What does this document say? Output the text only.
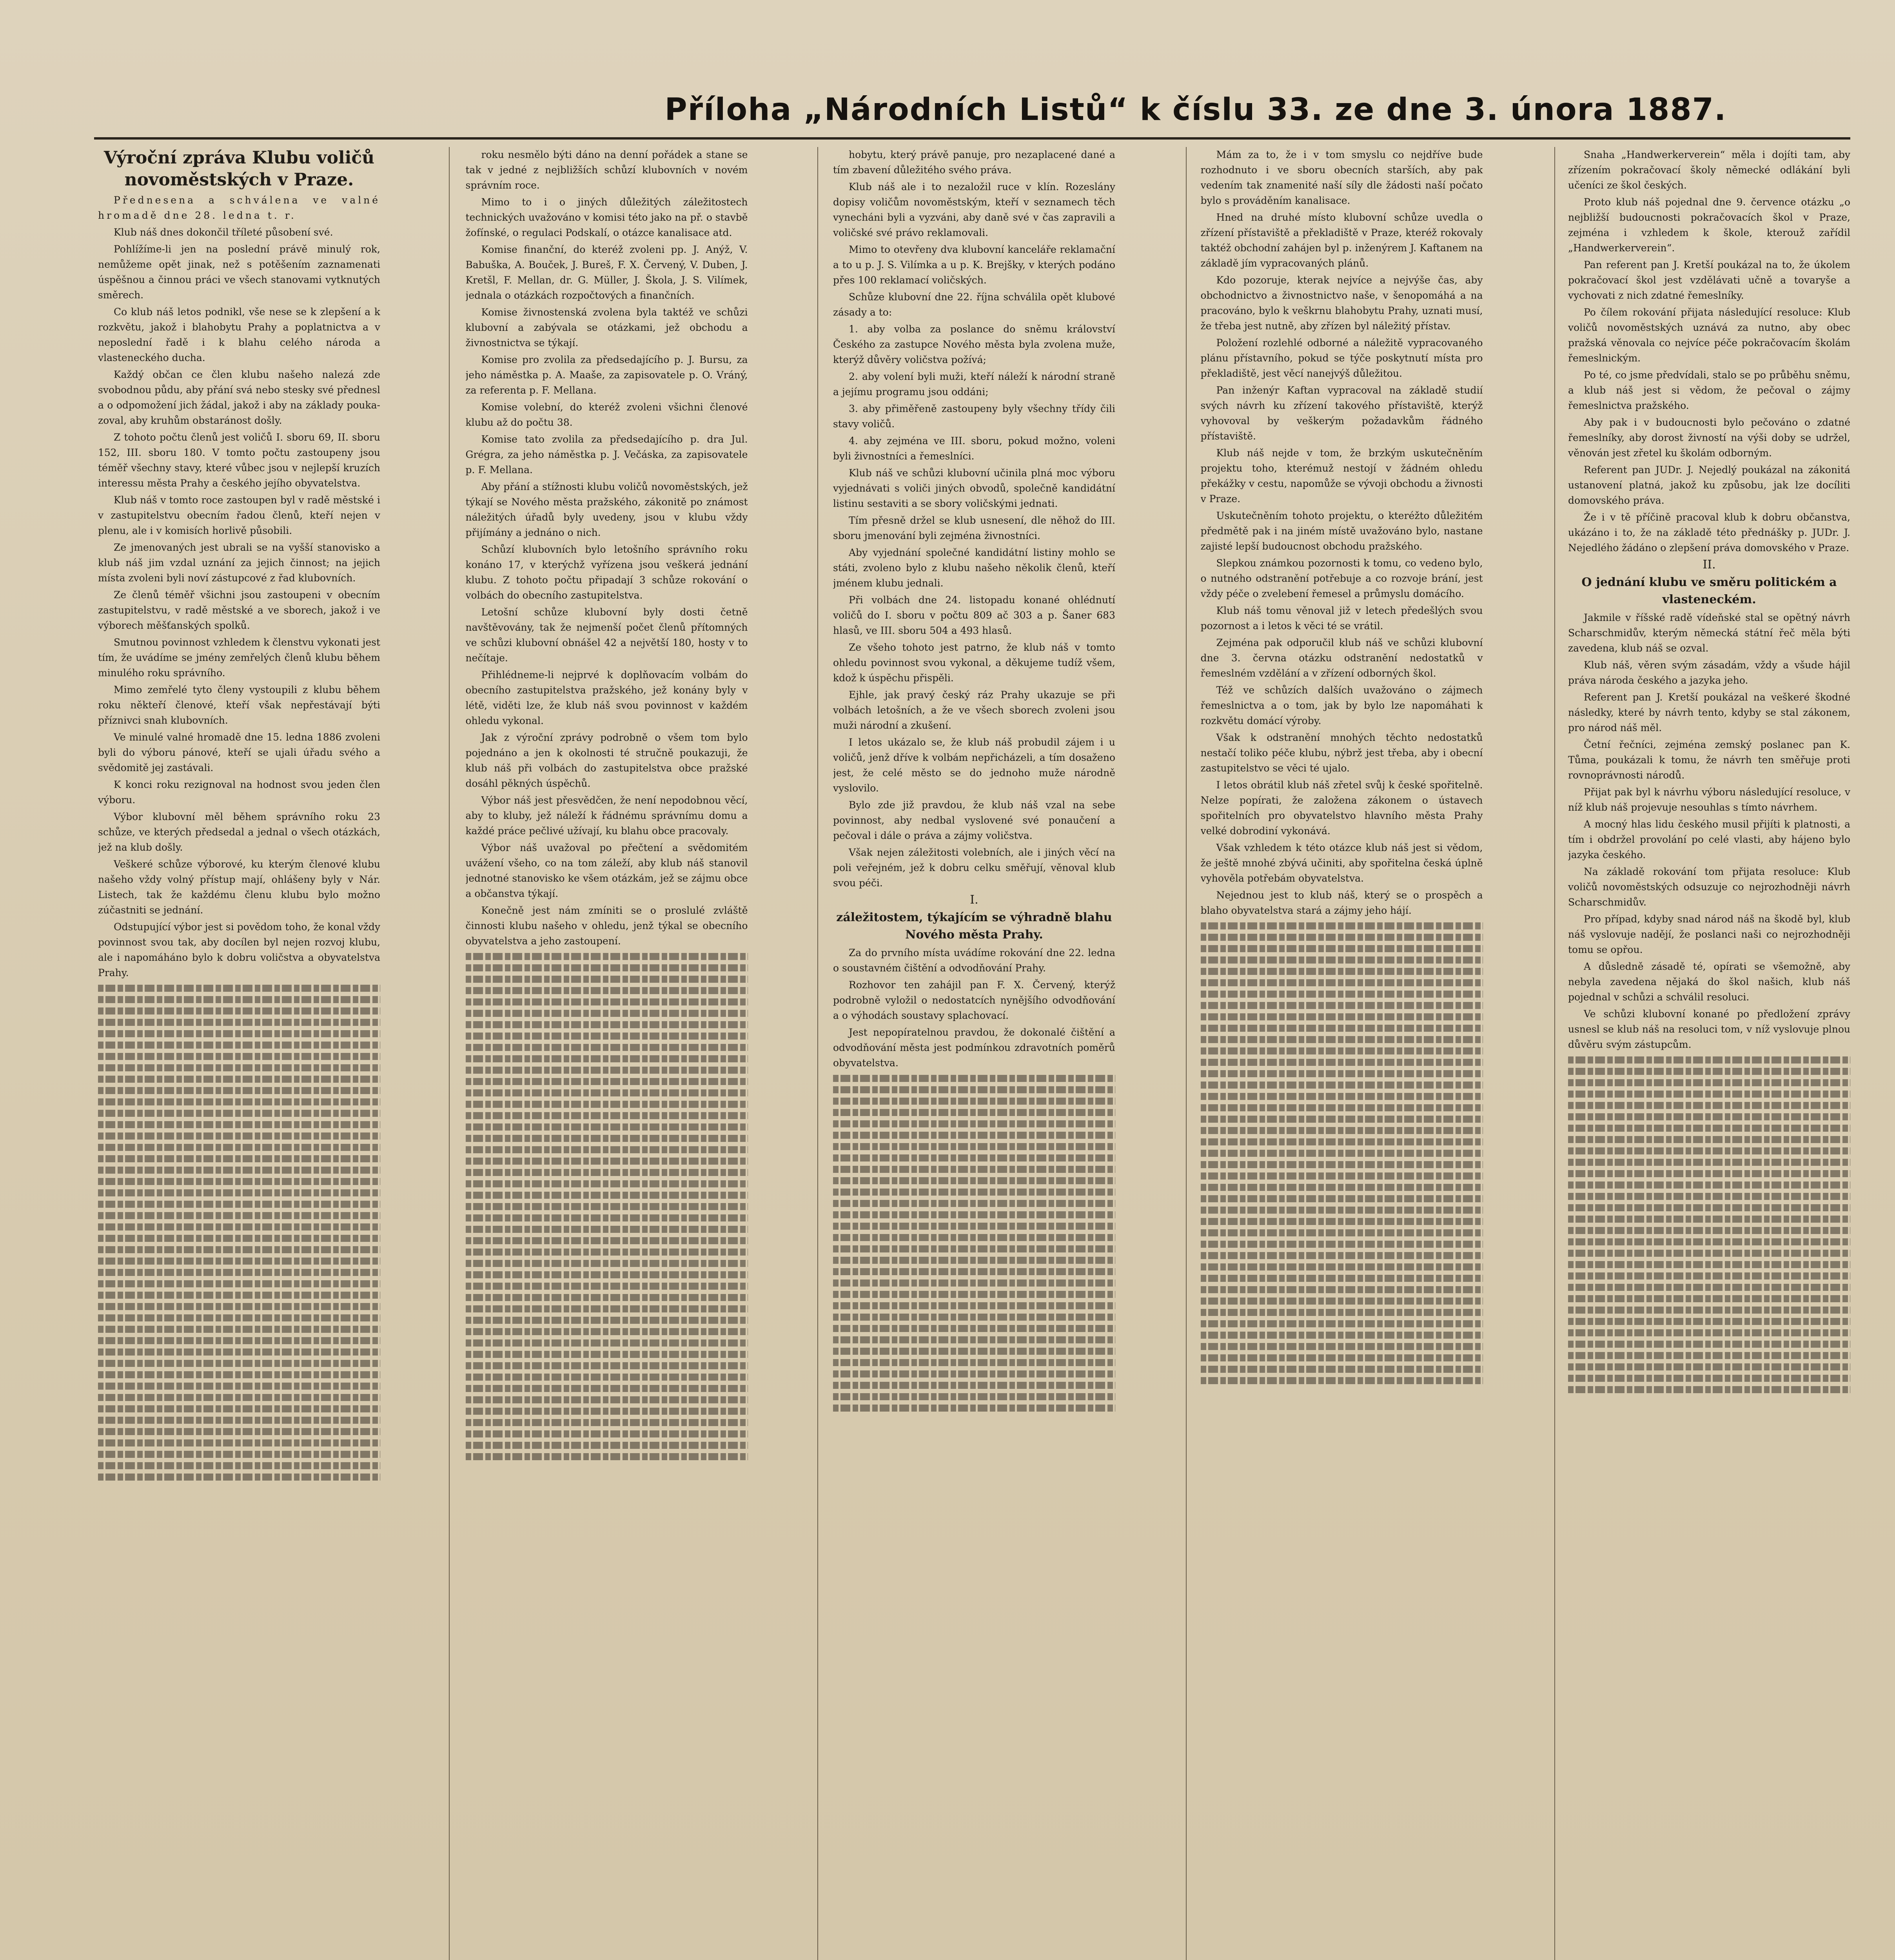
Příloha „Národních Listů“ k číslu 33. ze dne 3. února 1887.

Výroční zpráva Klubu voličů novoměstských v Praze.

Přednesena a schválena ve valné hromadě dne 28. ledna t. r.

Klub náš dnes dokončil tříleté působení své.

Pohlížíme-li jen na poslední právě minulý rok, nemůžeme opět jinak, než s potěšením zaznamenati úspěšnou a činnou práci ve všech stanovami vytknutých směrech.

Co klub náš letos podnikl, vše nese se k zlepšení a k rozkvětu, jakož i blahobytu Prahy a poplatnictva a v neposlední řadě i k blahu celého národa a vlasteneckého ducha.

Každý občan ce člen klubu našeho nalezá zde svobodnou půdu, aby přání svá nebo stesky své přednesl a o odpomožení jich žádal, jakož i aby na základy pouka-zoval, aby kruhům obstaránost došly.

Z tohoto počtu členů jest voličů I. sboru 69, II. sboru 152, III. sboru 180. V tomto počtu zastoupeny jsou téměř všechny stavy, které vůbec jsou v nejlepší kruzích interessu města Prahy a českého jejího obyvatelstva.

Klub náš v tomto roce zastoupen byl v radě městské i v zastupitelstvu obecním řadou členů, kteří nejen v plenu, ale i v komisích horlivě působili.

Ze jmenovaných jest ubrali se na vyšší stanovisko a klub náš jim vzdal uznání za jejich činnost; na jejich místa zvoleni byli noví zástupcové z řad klubovních.

Ze členů téměř všichni jsou zastoupeni v obecním zastupitelstvu, v radě městské a ve sborech, jakož i ve výborech měšťanských spolků.

Smutnou povinnost vzhledem k členstvu vykonati jest tím, že uvádíme se jmény zemřelých členů klubu během minulého roku správního.

Mimo zemřelé tyto členy vystoupili z klubu během roku někteří členové, kteří však nepřestávají býti příznivci snah klubovních.

Ve minulé valné hromadě dne 15. ledna 1886 zvoleni byli do výboru pánové, kteří se ujali úřadu svého a svědomitě jej zastávali.

K konci roku rezignoval na hodnost svou jeden člen výboru.

Výbor klubovní měl během správního roku 23 schůze, ve kterých předsedal a jednal o všech otázkách, jež na klub došly.

Veškeré schůze výborové, ku kterým členové klubu našeho vždy volný přístup mají, ohlášeny byly v Nár. Listech, tak že každému členu klubu bylo možno zúčastniti se jednání.

Odstupující výbor jest si povědom toho, že konal vždy povinnost svou tak, aby docílen byl nejen rozvoj klubu, ale i napomáháno bylo k dobru voličstva a obyvatelstva Prahy.

roku nesmělo býti dáno na denní pořádek a stane se tak v jedné z nejbližších schůzí klubovních v novém správním roce.

Mimo to i o jiných důležitých záležitostech technických uvažováno v komisi této jako na př. o stavbě žofínské, o regulaci Podskalí, o otázce kanalisace atd.

Komise finanční, do kteréž zvoleni pp. J. Anýž, V. Babuška, A. Bouček, J. Bureš, F. X. Červený, V. Duben, J. Kretšl, F. Mellan, dr. G. Müller, J. Škola, J. S. Vilímek, jednala o otázkách rozpočtových a finančních.

Komise živnostenská zvolena byla taktéž ve schůzi klubovní a zabývala se otázkami, jež obchodu a živnostnictva se týkají.

Komise pro zvolila za předsedajícího p. J. Bursu, za jeho náměstka p. A. Maaše, za zapisovatele p. O. Vráný, za referenta p. F. Mellana.

Komise volební, do kteréž zvoleni všichni členové klubu až do počtu 38.

Komise tato zvolila za předsedajícího p. dra Jul. Grégra, za jeho náměstka p. J. Večáska, za zapisovatele p. F. Mellana.

Aby přání a stížnosti klubu voličů novoměstských, jež týkají se Nového města pražského, zákonitě po známost náležitých úřadů byly uvedeny, jsou v klubu vždy přijímány a jednáno o nich.

Schůzí klubovních bylo letošního správního roku konáno 17, v kterýchž vyřízena jsou veškerá jednání klubu. Z tohoto počtu připadají 3 schůze rokování o volbách do obecního zastupitelstva.

Letošní schůze klubovní byly dosti četně navštěvovány, tak že nejmenší počet členů přítomných ve schůzi klubovní obnášel 42 a největší 180, hosty v to nečítaje.

Přihlédneme-li nejprvé k doplňovacím volbám do obecního zastupitelstva pražského, jež konány byly v létě, viděti lze, že klub náš svou povinnost v každém ohledu vykonal.

Jak z výroční zprávy podrobně o všem tom bylo pojednáno a jen k okolnosti té stručně poukazuji, že klub náš při volbách do zastupitelstva obce pražské dosáhl pěkných úspěchů.

Výbor náš jest přesvědčen, že není nepodobnou věcí, aby to kluby, jež náleží k řádnému správnímu domu a každé práce pečlivé užívají, ku blahu obce pracovaly.

Výbor náš uvažoval po přečtení a svědomitém uvážení všeho, co na tom záleží, aby klub náš stanovil jednotné stanovisko ke všem otázkám, jež se zájmu obce a občanstva týkají.

Konečně jest nám zmíniti se o proslulé zvláště činnosti klubu našeho v ohledu, jenž týkal se obecního obyvatelstva a jeho zastoupení.

hobytu, který právě panuje, pro nezaplacené dané a tím zbavení důležitého svého práva.

Klub náš ale i to nezaložil ruce v klín. Rozeslány dopisy voličům novoměstským, kteří v seznamech těch vynecháni byli a vyzváni, aby daně své v čas zapravili a voličské své právo reklamovali.

Mimo to otevřeny dva klubovní kanceláře reklamační a to u p. J. S. Vilímka a u p. K. Brejšky, v kterých podáno přes 100 reklamací voličských.

Schůze klubovní dne 22. října schválila opět klubové zásady a to:

1. aby volba za poslance do sněmu království Českého za zastupce Nového města byla zvolena muže, kterýž důvěry voličstva požívá;

2. aby volení byli muži, kteří náleží k národní straně a jejímu programu jsou oddáni;

3. aby přiměřeně zastoupeny byly všechny třídy čili stavy voličů.

4. aby zejména ve III. sboru, pokud možno, voleni byli živnostníci a řemeslníci.

Klub náš ve schůzi klubovní učinila plná moc výboru vyjednávati s voliči jiných obvodů, společně kandidátní listinu sestaviti a se sbory voličskými jednati.

Tím přesně držel se klub usnesení, dle něhož do III. sboru jmenování byli zejména živnostníci.

Aby vyjednání společné kandidátní listiny mohlo se státi, zvoleno bylo z klubu našeho několik členů, kteří jménem klubu jednali.

Při volbách dne 24. listopadu konané ohlédnutí voličů do I. sboru v počtu 809 ač 303 a p. Šaner 683 hlasů, ve III. sboru 504 a 493 hlasů.

Ze všeho tohoto jest patrno, že klub náš v tomto ohledu povinnost svou vykonal, a děkujeme tudíž všem, kdož k úspěchu přispěli.

Ejhle, jak pravý český ráz Prahy ukazuje se při volbách letošních, a že ve všech sborech zvoleni jsou muži národní a zkušení.

I letos ukázalo se, že klub náš probudil zájem i u voličů, jenž dříve k volbám nepřicházeli, a tím dosaženo jest, že celé město se do jednoho muže národně vyslovilo.

Bylo zde již pravdou, že klub náš vzal na sebe povinnost, aby nedbal vyslovené své ponaučení a pečoval i dále o práva a zájmy voličstva.

Však nejen záležitosti volebních, ale i jiných věcí na poli veřejném, jež k dobru celku směřují, věnoval klub svou péči.

I.

záležitostem, týkajícím se výhradně blahu Nového města Prahy.

Za do prvního místa uvádíme rokování dne 22. ledna o soustavném čištění a odvodňování Prahy.

Rozhovor ten zahájil pan F. X. Červený, kterýž podrobně vyložil o nedostatcích nynějšího odvodňování a o výhodách soustavy splachovací.

Jest nepopíratelnou pravdou, že dokonalé čištění a odvodňování města jest podmínkou zdravotních poměrů obyvatelstva.

Mám za to, že i v tom smyslu co nejdříve bude rozhodnuto i ve sboru obecních starších, aby pak vedením tak znamenité naší síly dle žádosti naší počato bylo s prováděním kanalisace.

Hned na druhé místo klubovní schůze uvedla o zřízení přístaviště a překladiště v Praze, kteréž rokovaly taktéž obchodní zahájen byl p. inženýrem J. Kaftanem na základě jím vypracovaných plánů.

Kdo pozoruje, kterak nejvíce a nejvýše čas, aby obchodnictvo a živnostnictvo naše, v šenopomáhá a na pracováno, bylo k veškrnu blahobytu Prahy, uznati musí, že třeba jest nutně, aby zřízen byl náležitý přístav.

Položení rozlehlé odborné a náležitě vypracovaného plánu přístavního, pokud se týče poskytnutí místa pro překladiště, jest věcí nanejvýš důležitou.

Pan inženýr Kaftan vypracoval na základě studií svých návrh ku zřízení takového přístaviště, kterýž vyhovoval by veškerým požadavkům řádného přístaviště.

Klub náš nejde v tom, že brzkým uskutečněním projektu toho, kterémuž nestojí v žádném ohledu překážky v cestu, napomůže se vývoji obchodu a živnosti v Praze.

Uskutečněním tohoto projektu, o kteréžto důležitém předmětě pak i na jiném místě uvažováno bylo, nastane zajisté lepší budoucnost obchodu pražského.

Slepkou známkou pozornosti k tomu, co vedeno bylo, o nutného odstranění potřebuje a co rozvoje brání, jest vždy péče o zvelebení řemesel a průmyslu domácího.

Klub náš tomu věnoval již v letech předešlých svou pozornost a i letos k věci té se vrátil.

Zejména pak odporučil klub náš ve schůzi klubovní dne 3. června otázku odstranění nedostatků v řemeslném vzdělání a v zřízení odborných škol.

Též ve schůzích dalších uvažováno o zájmech řemeslnictva a o tom, jak by bylo lze napomáhati k rozkvětu domácí výroby.

Však k odstranění mnohých těchto nedostatků nestačí toliko péče klubu, nýbrž jest třeba, aby i obecní zastupitelstvo se věci té ujalo.

I letos obrátil klub náš zřetel svůj k české spořitelně. Nelze popírati, že založena zákonem o ústavech spořitelních pro obyvatelstvo hlavního města Prahy velké dobrodiní vykonává.

Však vzhledem k této otázce klub náš jest si vědom, že ještě mnohé zbývá učiniti, aby spořitelna česká úplně vyhověla potřebám obyvatelstva.

Nejednou jest to klub náš, který se o prospěch a blaho obyvatelstva stará a zájmy jeho hájí.

Snaha „Handwerkerverein“ měla i dojíti tam, aby zřízením pokračovací školy německé odlákání byli učeníci ze škol českých.

Proto klub náš pojednal dne 9. července otázku „o nejbližší budoucnosti pokračovacích škol v Praze, zejména i vzhledem k škole, kterouž zařídil „Handwerkerverein“.

Pan referent pan J. Kretší poukázal na to, že úkolem pokračovací škol jest vzdělávati učně a tovaryše a vychovati z nich zdatné řemeslníky.

Po čílem rokování přijata následující resoluce: Klub voličů novoměstských uznává za nutno, aby obec pražská věnovala co nejvíce péče pokračovacím školám řemeslnickým.

Po té, co jsme předvídali, stalo se po průběhu sněmu, a klub náš jest si vědom, že pečoval o zájmy řemeslnictva pražského.

Aby pak i v budoucnosti bylo pečováno o zdatné řemeslníky, aby dorost živností na výši doby se udržel, věnován jest zřetel ku školám odborným.

Referent pan JUDr. J. Nejedlý poukázal na zákonitá ustanovení platná, jakož ku způsobu, jak lze docíliti domovského práva.

Že i v tě příčině pracoval klub k dobru občanstva, ukázáno i to, že na základě této přednášky p. JUDr. J. Nejedlého žádáno o zlepšení práva domovského v Praze.

II.

O jednání klubu ve směru politickém a vlasteneckém.

Jakmile v říšské radě vídeňské stal se opětný návrh Scharschmidův, kterým německá státní řeč měla býti zavedena, klub náš se ozval.

Klub náš, věren svým zásadám, vždy a všude hájil práva národa českého a jazyka jeho.

Referent pan J. Kretší poukázal na veškeré škodné následky, které by návrh tento, kdyby se stal zákonem, pro národ náš měl.

Četní řečníci, zejména zemský poslanec pan K. Tůma, poukázali k tomu, že návrh ten směřuje proti rovnoprávnosti národů.

Přijat pak byl k návrhu výboru následující resoluce, v níž klub náš projevuje nesouhlas s tímto návrhem.

A mocný hlas lidu českého musil přijíti k platnosti, a tím i obdržel provolání po celé vlasti, aby hájeno bylo jazyka českého.

Na základě rokování tom přijata resoluce: Klub voličů novoměstských odsuzuje co nejrozhodněji návrh Scharschmidův.

Pro případ, kdyby snad národ náš na škodě byl, klub náš vyslovuje nadějí, že poslanci naši co nejrozhodněji tomu se opřou.

A důsledně zásadě té, opírati se všemožně, aby nebyla zavedena nějaká do škol našich, klub náš pojednal v schůzi a schválil resoluci.

Ve schůzi klubovní konané po předložení zprávy usnesl se klub náš na resoluci tom, v níž vyslovuje plnou důvěru svým zástupcům.
